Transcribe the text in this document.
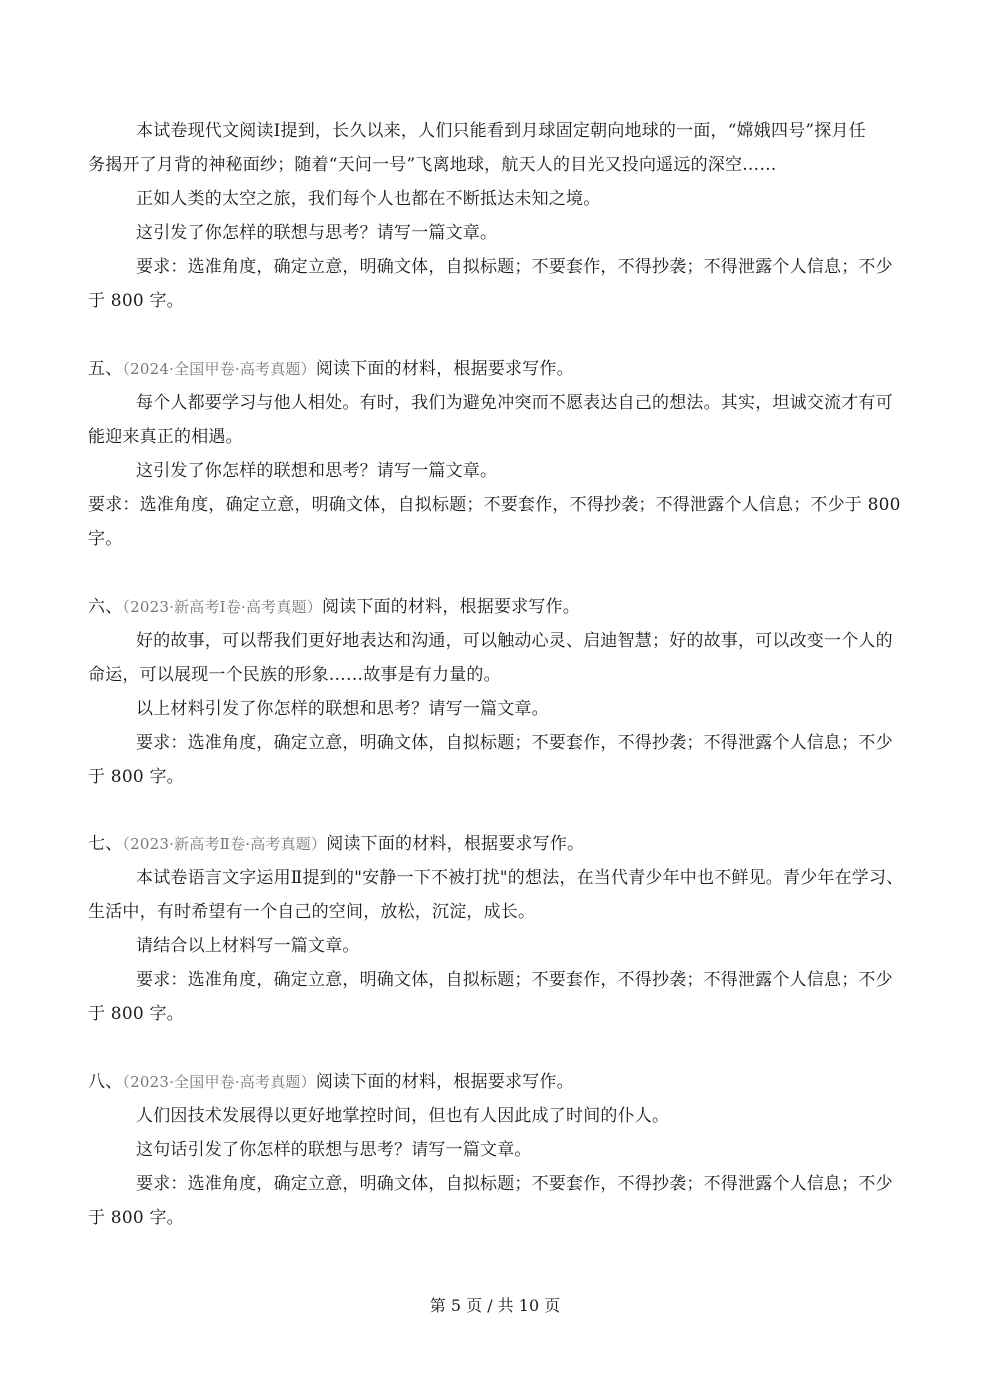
本试卷现代文阅读Ⅰ提到，长久以来，人们只能看到月球固定朝向地球的一面，“嫦娥四号”探月任
务揭开了月背的神秘面纱；随着“天问一号”飞离地球，航天人的目光又投向遥远的深空……
正如人类的太空之旅，我们每个人也都在不断抵达未知之境。
这引发了你怎样的联想与思考？请写一篇文章。
要求：选准角度，确定立意，明确文体，自拟标题；不要套作，不得抄袭；不得泄露个人信息；不少
于 800 字。
五、（2024·全国甲卷·高考真题）阅读下面的材料，根据要求写作。
每个人都要学习与他人相处。有时，我们为避免冲突而不愿表达自己的想法。其实，坦诚交流才有可
能迎来真正的相遇。
这引发了你怎样的联想和思考？请写一篇文章。
要求：选准角度，确定立意，明确文体，自拟标题；不要套作，不得抄袭；不得泄露个人信息；不少于 800
字。
六、（2023·新高考Ⅰ卷·高考真题）阅读下面的材料，根据要求写作。
好的故事，可以帮我们更好地表达和沟通，可以触动心灵、启迪智慧；好的故事，可以改变一个人的
命运，可以展现一个民族的形象……故事是有力量的。
以上材料引发了你怎样的联想和思考？请写一篇文章。
要求：选准角度，确定立意，明确文体，自拟标题；不要套作，不得抄袭；不得泄露个人信息；不少
于 800 字。
七、（2023·新高考Ⅱ卷·高考真题）阅读下面的材料，根据要求写作。
本试卷语言文字运用Ⅱ提到的"安静一下不被打扰"的想法，在当代青少年中也不鲜见。青少年在学习、
生活中，有时希望有一个自己的空间，放松，沉淀，成长。
请结合以上材料写一篇文章。
要求：选准角度，确定立意，明确文体，自拟标题；不要套作，不得抄袭；不得泄露个人信息；不少
于 800 字。
八、（2023·全国甲卷·高考真题）阅读下面的材料，根据要求写作。
人们因技术发展得以更好地掌控时间，但也有人因此成了时间的仆人。
这句话引发了你怎样的联想与思考？请写一篇文章。
要求：选准角度，确定立意，明确文体，自拟标题；不要套作，不得抄袭；不得泄露个人信息；不少
于 800 字。
第 5 页 / 共 10 页
